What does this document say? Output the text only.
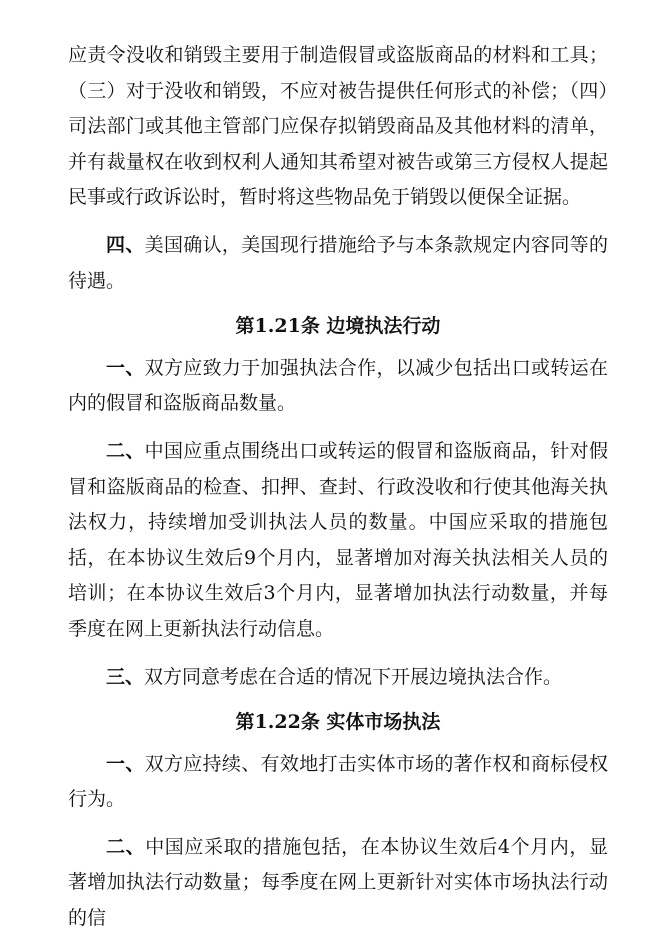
应责令没收和销毁主要用于制造假冒或盗版商品的材料和工具；（三）对于没收和销毁，不应对被告提供任何形式的补偿；（四）司法部门或其他主管部门应保存拟销毁商品及其他材料的清单，并有裁量权在收到权利人通知其希望对被告或第三方侵权人提起民事或行政诉讼时，暂时将这些物品免于销毁以便保全证据。

四、美国确认，美国现行措施给予与本条款规定内容同等的待遇。

第1.21条 边境执法行动

一、双方应致力于加强执法合作，以减少包括出口或转运在内的假冒和盗版商品数量。

二、中国应重点围绕出口或转运的假冒和盗版商品，针对假冒和盗版商品的检查、扣押、查封、行政没收和行使其他海关执法权力，持续增加受训执法人员的数量。中国应采取的措施包括，在本协议生效后9个月内，显著增加对海关执法相关人员的培训；在本协议生效后3个月内，显著增加执法行动数量，并每季度在网上更新执法行动信息。

三、双方同意考虑在合适的情况下开展边境执法合作。

第1.22条 实体市场执法

一、双方应持续、有效地打击实体市场的著作权和商标侵权行为。

二、中国应采取的措施包括，在本协议生效后4个月内，显著增加执法行动数量；每季度在网上更新针对实体市场执法行动的信
